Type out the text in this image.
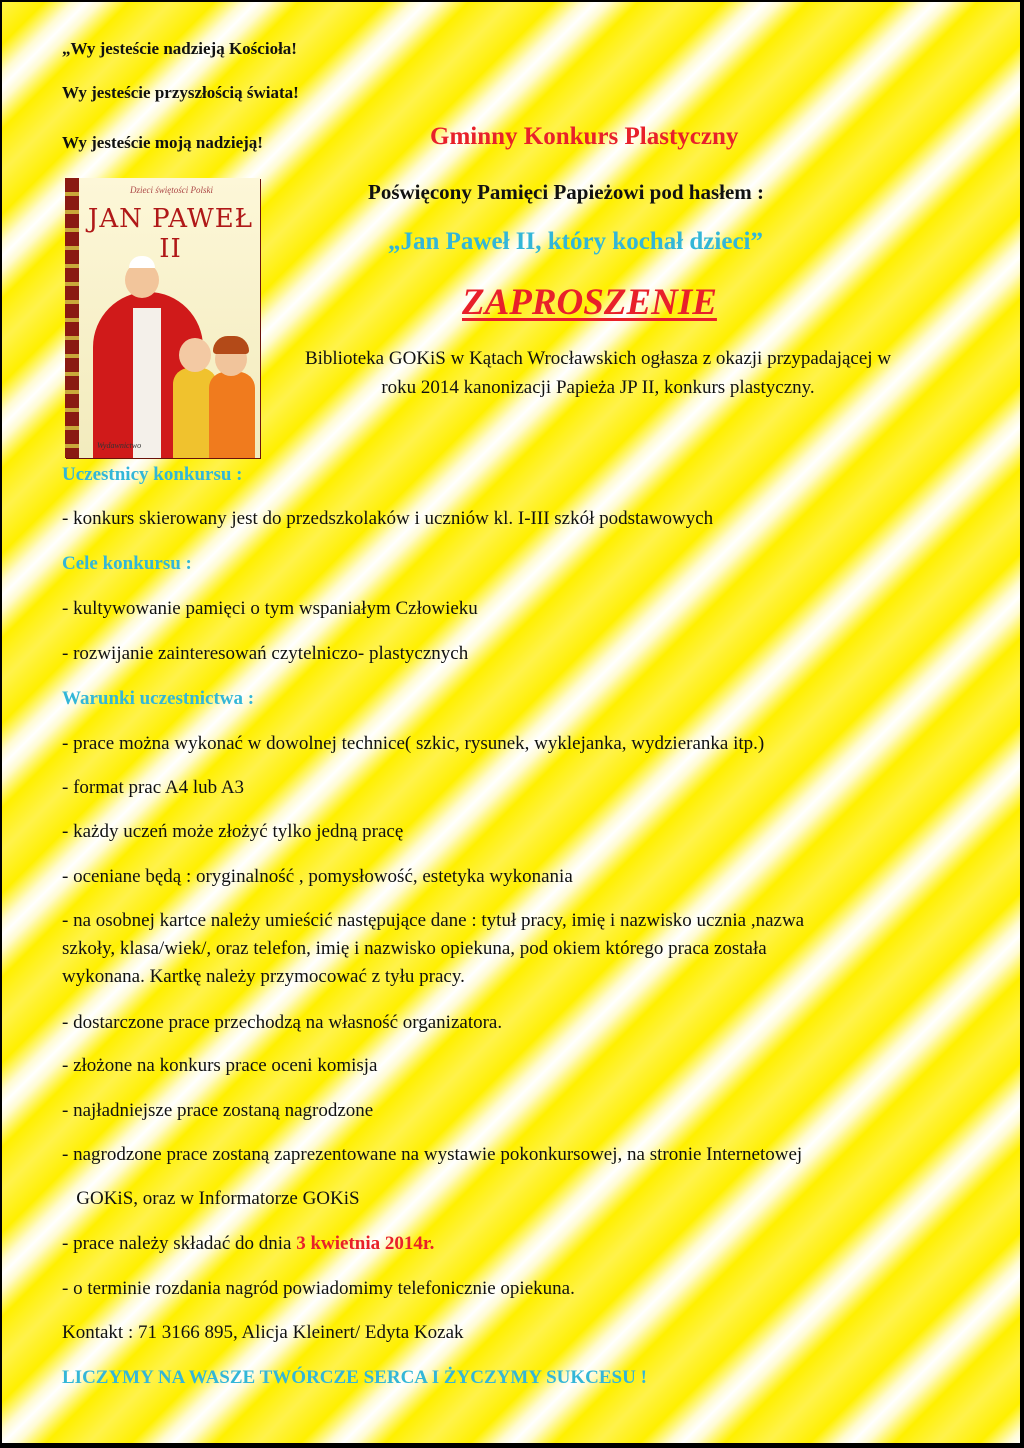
„Wy jesteście nadzieją Kościoła!
Wy jesteście przyszłością świata!
Wy jesteście moją nadzieją!	Gminny Konkurs Plastyczny
Poświęcony Pamięci Papieżowi pod hasłem :
„Jan Paweł II, który kochał dzieci”
ZAPROSZENIE
Biblioteka GOKiS w Kątach Wrocławskich ogłasza z okazji przypadającej w
roku 2014 kanonizacji Papieża JP II, konkurs plastyczny.
Dzieci świętości Polski
JAN PAWEŁ II
Wydawnictwo
Uczestnicy konkursu :
- konkurs skierowany jest do przedszkolaków i uczniów kl. I-III szkół podstawowych
Cele konkursu :
- kultywowanie pamięci o tym wspaniałym Człowieku
- rozwijanie zainteresowań czytelniczo- plastycznych
Warunki uczestnictwa :
- prace można wykonać w dowolnej technice( szkic, rysunek, wyklejanka, wydzieranka itp.)
- format prac A4 lub A3
- każdy uczeń może złożyć tylko jedną pracę
- oceniane będą : oryginalność , pomysłowość, estetyka wykonania
- na osobnej kartce należy umieścić następujące dane : tytuł pracy, imię i nazwisko ucznia ,nazwa
szkoły, klasa/wiek/, oraz telefon, imię i nazwisko opiekuna, pod okiem którego praca została
wykonana. Kartkę należy przymocować z tyłu pracy.
- dostarczone prace przechodzą na własność organizatora.
- złożone na konkurs prace oceni komisja
- najładniejsze prace zostaną nagrodzone
- nagrodzone prace zostaną zaprezentowane na wystawie pokonkursowej, na stronie Internetowej
GOKiS, oraz w Informatorze GOKiS
- prace należy składać do dnia 3 kwietnia 2014r.
- o terminie rozdania nagród powiadomimy telefonicznie opiekuna.
Kontakt : 71 3166 895, Alicja Kleinert/ Edyta Kozak
LICZYMY NA WASZE TWÓRCZE SERCA I ŻYCZYMY SUKCESU !
